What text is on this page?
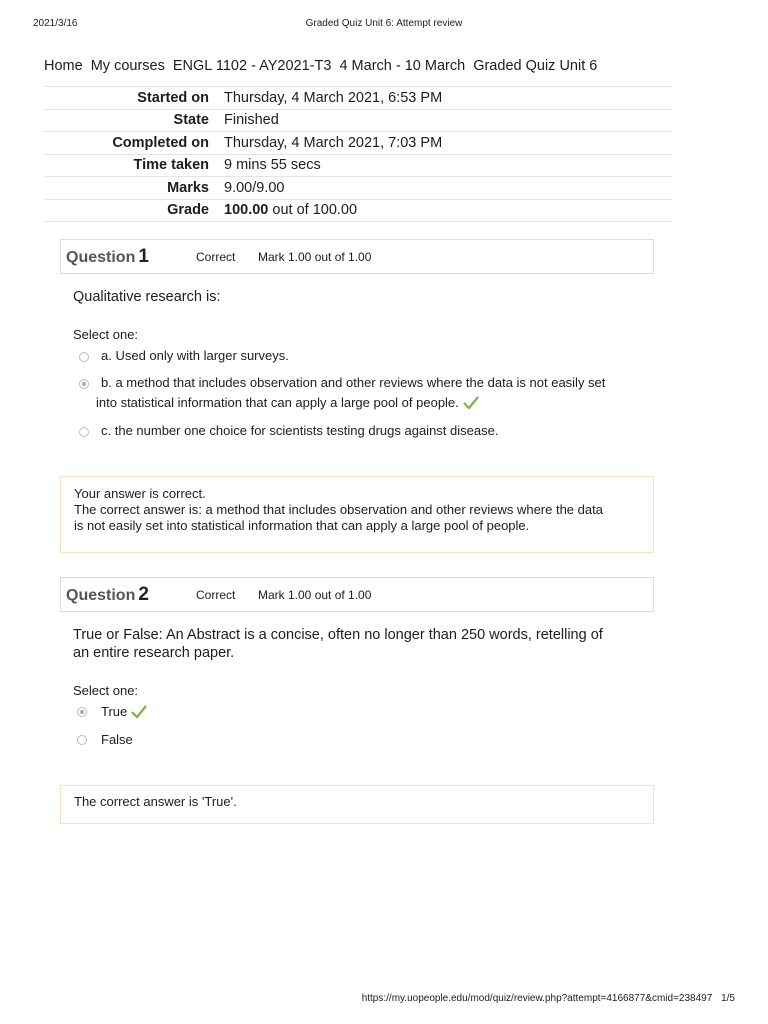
2021/3/16	Graded Quiz Unit 6: Attempt review
Home My courses ENGL 1102 - AY2021-T3 4 March - 10 March Graded Quiz Unit 6
Started on	Thursday, 4 March 2021, 6:53 PM
State	Finished
Completed on	Thursday, 4 March 2021, 7:03 PM
Time taken	9 mins 55 secs
Marks	9.00/9.00
Grade	100.00 out of 100.00
Question 1	Correct Mark 1.00 out of 1.00
Qualitative research is:
Select one:
a. Used only with larger surveys.
b. a method that includes observation and other reviews where the data is not easily set
into statistical information that can apply a large pool of people.
c. the number one choice for scientists testing drugs against disease.

Your answer is correct.

The correct answer is: a method that includes observation and other reviews where the data

is not easily set into statistical information that can apply a large pool of people.

Question 2	Correct Mark 1.00 out of 1.00
True or False: An Abstract is a concise, often no longer than 250 words, retelling of
an entire research paper.
Select one:
True
False

The correct answer is 'True'.

https://my.uopeople.edu/mod/quiz/review.php?attempt=4166877&cmid=238497 1/5
